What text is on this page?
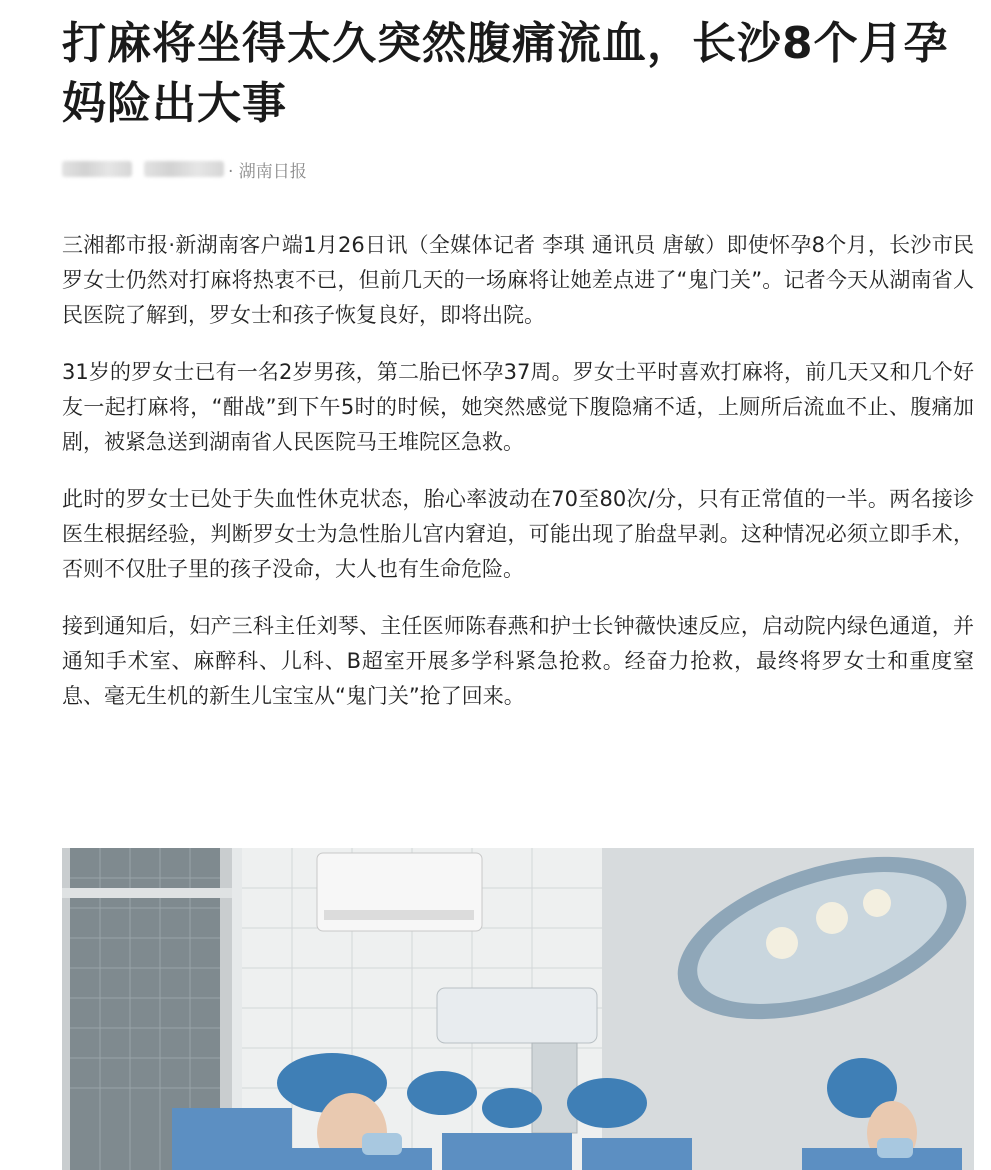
打麻将坐得太久突然腹痛流血，长沙8个月孕妈险出大事
· 湖南日报

三湘都市报·新湖南客户端1月26日讯（全媒体记者 李琪 通讯员 唐敏）即使怀孕8个月，长沙市民罗女士仍然对打麻将热衷不已，但前几天的一场麻将让她差点进了“鬼门关”。记者今天从湖南省人民医院了解到，罗女士和孩子恢复良好，即将出院。

31岁的罗女士已有一名2岁男孩，第二胎已怀孕37周。罗女士平时喜欢打麻将，前几天又和几个好友一起打麻将，“酣战”到下午5时的时候，她突然感觉下腹隐痛不适，上厕所后流血不止、腹痛加剧，被紧急送到湖南省人民医院马王堆院区急救。

此时的罗女士已处于失血性休克状态，胎心率波动在70至80次/分，只有正常值的一半。两名接诊医生根据经验，判断罗女士为急性胎儿宫内窘迫，可能出现了胎盘早剥。这种情况必须立即手术，否则不仅肚子里的孩子没命，大人也有生命危险。

接到通知后，妇产三科主任刘琴、主任医师陈春燕和护士长钟薇快速反应，启动院内绿色通道，并通知手术室、麻醉科、儿科、B超室开展多学科紧急抢救。经奋力抢救，最终将罗女士和重度窒息、毫无生机的新生儿宝宝从“鬼门关”抢了回来。
